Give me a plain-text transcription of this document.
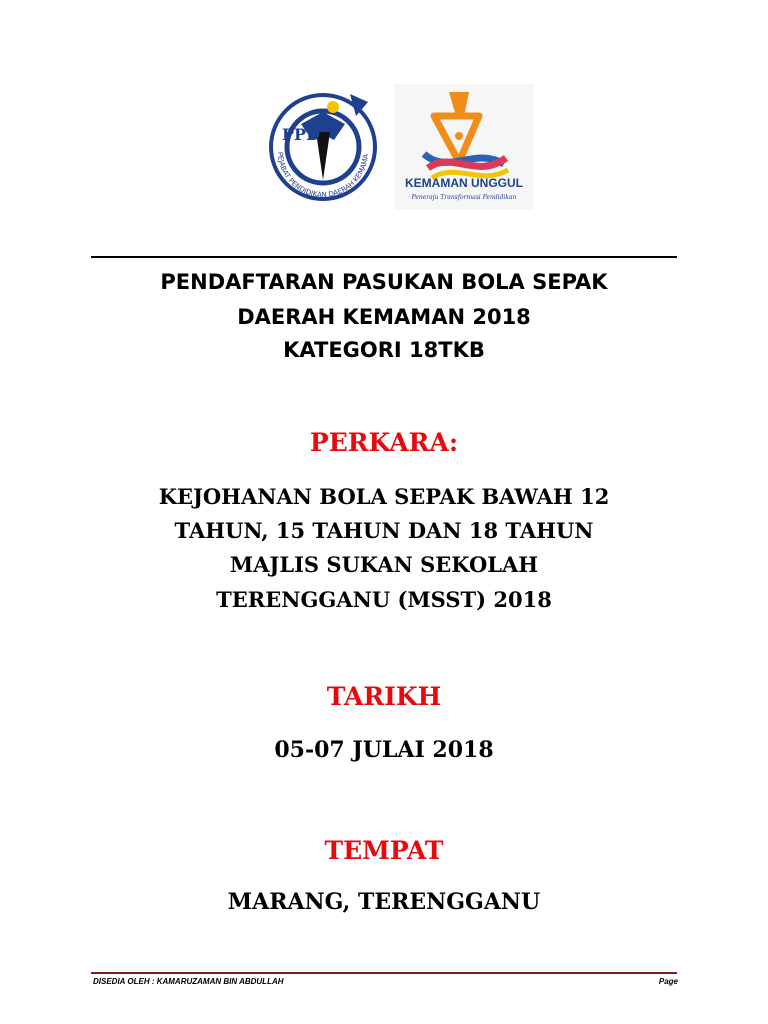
PPD
PEJABAT PENDIDIKAN DAERAH KEMAMA
KEMAMAN UNGGUL
Peneraju Transformasi Pendidikan
PENDAFTARAN PASUKAN BOLA SEPAK
DAERAH KEMAMAN 2018
KATEGORI 18TKB
PERKARA:
KEJOHANAN BOLA SEPAK BAWAH 12
TAHUN, 15 TAHUN DAN 18 TAHUN
MAJLIS SUKAN SEKOLAH
TERENGGANU (MSST) 2018
TARIKH
05-07 JULAI 2018
TEMPAT
MARANG, TERENGGANU
DISEDIA OLEH : KAMARUZAMAN BIN ABDULLAH	Page
